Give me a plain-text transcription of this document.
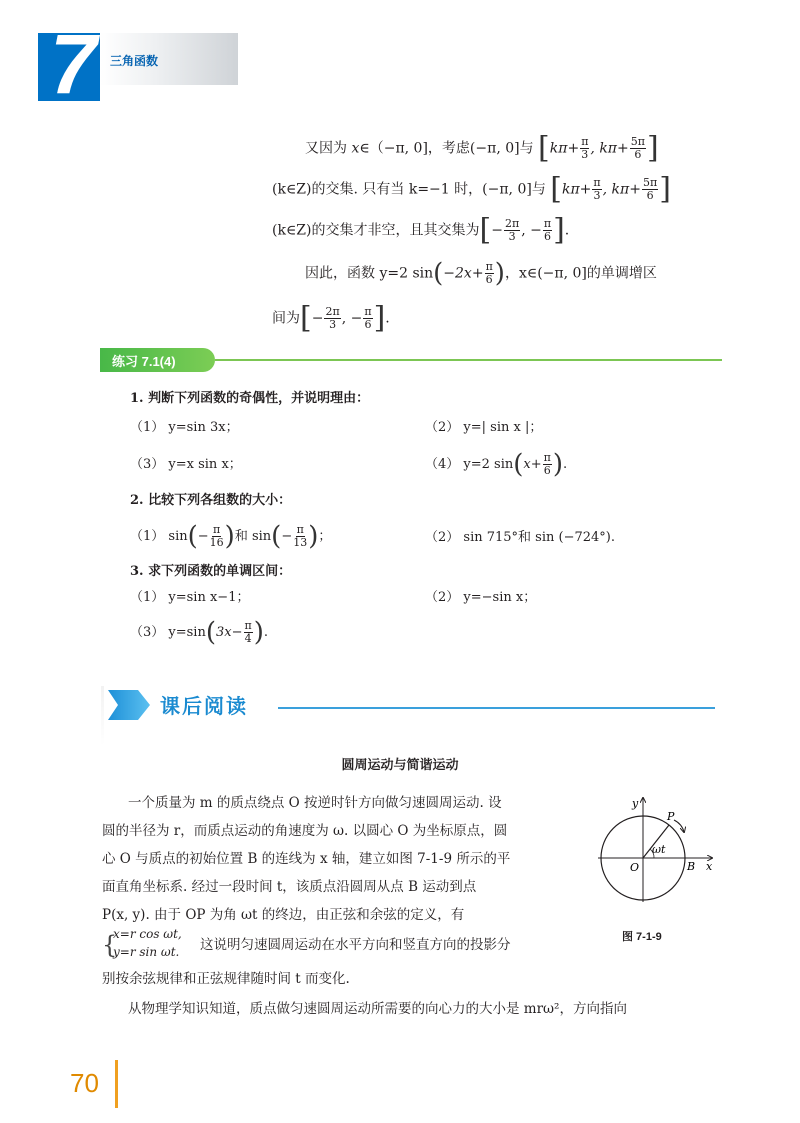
7 三角函数
又因为 x∈（−π, 0]，考虑(−π, 0]与 [$k\pi+ \frac{\pi}{3}$ , $k\pi+ \frac{5\pi}{6}$ ]
(k∈Z)的交集. 只有当 k=−1 时，(−π, 0]与 [$k\pi+ \frac{\pi}{3}$ , $k\pi+ \frac{5\pi}{6}$ ]
(k∈Z)的交集才非空，且其交集为[− $\frac{2\pi}{3}$ , − $\frac{\pi}{6}$ ].
因此，函数 y=2 $\sin(-2x+ \frac{\pi}{6}$ )，x∈(−π, 0]的单调增区
间为[− $\frac{2\pi}{3}$ , − $\frac{\pi}{6}$ ].
练习 7.1(4)
1. 判断下列函数的奇偶性，并说明理由：
（1） y=sin 3x；	（2） y=| sin x |；
（3） y=x sin x；	（4） y=2 $\sin(x+ \frac{\pi}{6}$ ).
2. 比较下列各组数的大小：
（1） $\sin(- \frac{\pi}{16}$ )和 $\sin(- \frac{\pi}{13}$ )；	（2） sin 715°和 sin (−724°).
3. 求下列函数的单调区间：
（1） y=sin x−1；	（2） y=−sin x；
（3） $y=\sin(3x- \frac{\pi}{4}$ ).
课后阅读
圆周运动与简谐运动
一个质量为 m 的质点绕点 O 按逆时针方向做匀速圆周运动. 设
圆的半径为 r，而质点运动的角速度为 ω. 以圆心 O 为坐标原点，圆
心 O 与质点的初始位置 B 的连线为 x 轴，建立如图 7-1-9 所示的平
面直角坐标系. 经过一段时间 t，该质点沿圆周从点 B 运动到点
P(x, y). 由于 OP 为角 ωt 的终边，由正弦和余弦的定义，有
{
x=r cos ωt,
y=r sin ωt. 这说明匀速圆周运动在水平方向和竖直方向的投影分
别按余弦规律和正弦规律随时间 t 而变化.
从物理学知识知道，质点做匀速圆周运动所需要的向心力的大小是 mrω²，方向指向
y
x
O	B
P
ωt
图 7-1-9
70
